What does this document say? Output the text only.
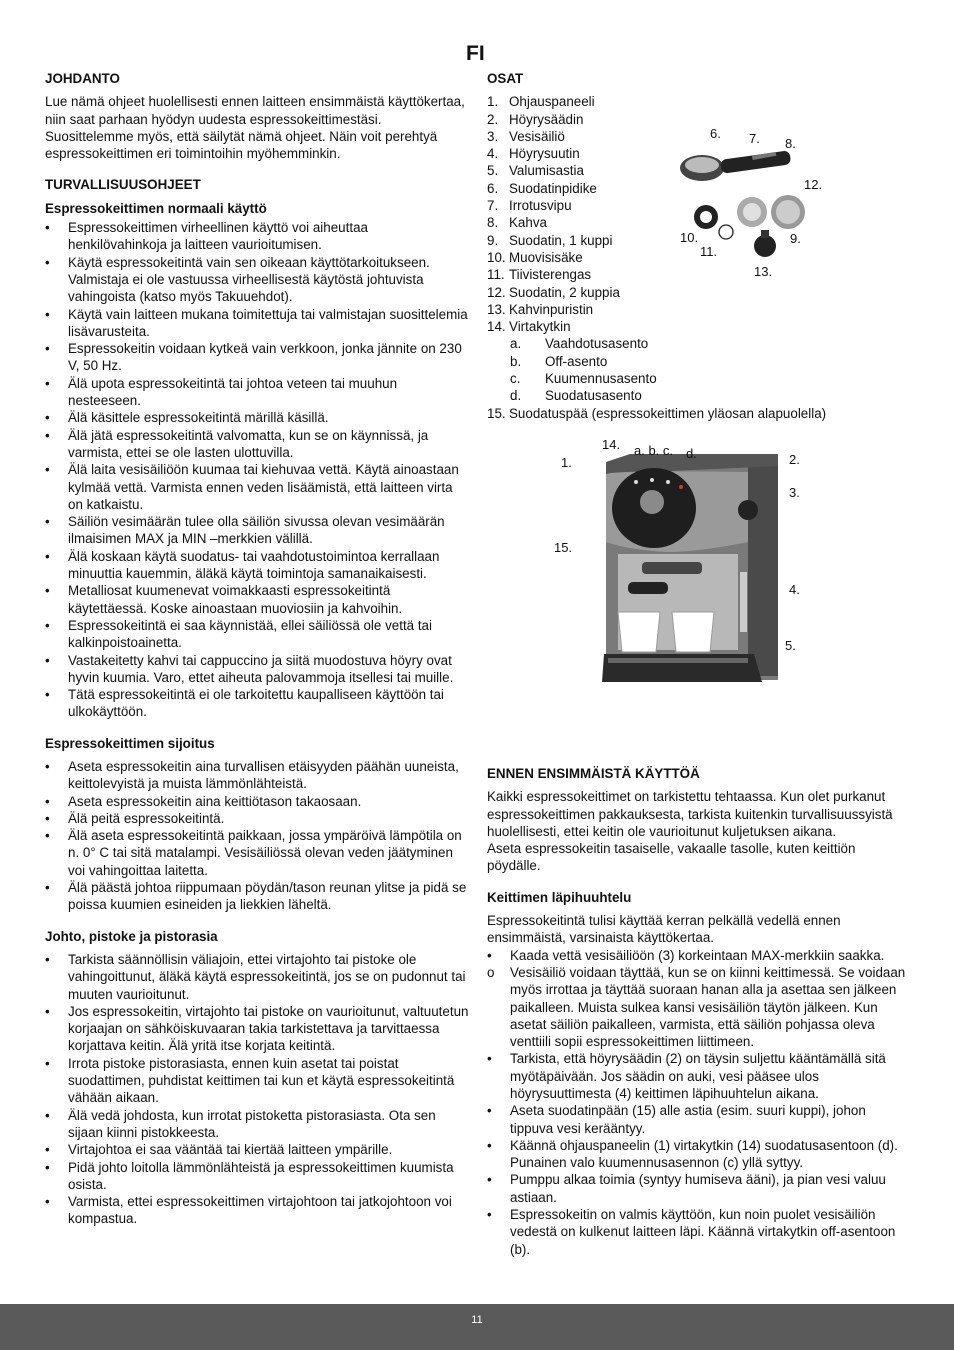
FI
JOHDANTO

Lue nämä ohjeet huolellisesti ennen laitteen ensimmäistä käyttökertaa, niin saat parhaan hyödyn uudesta espressokeittimestäsi. Suosittelemme myös, että säilytät nämä ohjeet. Näin voit perehtyä espressokeittimen eri toimintoihin myöhemminkin.

TURVALLISUUSOHJEET
Espressokeittimen normaali käyttö
• Espressokeittimen virheellinen käyttö voi aiheuttaa henkilövahinkoja ja laitteen vaurioitumisen.
• Käytä espressokeitintä vain sen oikeaan käyttötarkoitukseen. Valmistaja ei ole vastuussa virheellisestä käytöstä johtuvista vahingoista (katso myös Takuuehdot).
• Käytä vain laitteen mukana toimitettuja tai valmistajan suosittelemia lisävarusteita.
• Espressokeitin voidaan kytkeä vain verkkoon, jonka jännite on 230 V, 50 Hz.
• Älä upota espressokeitintä tai johtoa veteen tai muuhun nesteeseen.
• Älä käsittele espressokeitintä märillä käsillä.
• Älä jätä espressokeitintä valvomatta, kun se on käynnissä, ja varmista, ettei se ole lasten ulottuvilla.
• Älä laita vesisäiliöön kuumaa tai kiehuvaa vettä. Käytä ainoastaan kylmää vettä. Varmista ennen veden lisäämistä, että laitteen virta on katkaistu.
• Säiliön vesimäärän tulee olla säiliön sivussa olevan vesimäärän ilmaisimen MAX ja MIN –merkkien välillä.
• Älä koskaan käytä suodatus- tai vaahdotustoimintoa kerrallaan minuuttia kauemmin, äläkä käytä toimintoja samanaikaisesti.
• Metalliosat kuumenevat voimakkaasti espressokeitintä käytettäessä. Koske ainoastaan muoviosiin ja kahvoihin.
• Espressokeitintä ei saa käynnistää, ellei säiliössä ole vettä tai kalkinpoistoainetta.
• Vastakeitetty kahvi tai cappuccino ja siitä muodostuva höyry ovat hyvin kuumia. Varo, ettet aiheuta palovammoja itsellesi tai muille.
• Tätä espressokeitintä ei ole tarkoitettu kaupalliseen käyttöön tai ulkokäyttöön.
Espressokeittimen sijoitus
• Aseta espressokeitin aina turvallisen etäisyyden päähän uuneista, keittolevyistä ja muista lämmönlähteistä.
• Aseta espressokeitin aina keittiötason takaosaan.
• Älä peitä espressokeitintä.
• Älä aseta espressokeitintä paikkaan, jossa ympäröivä lämpötila on n. 0° C tai sitä matalampi. Vesisäiliössä olevan veden jäätyminen voi vahingoittaa laitetta.
• Älä päästä johtoa riippumaan pöydän/tason reunan ylitse ja pidä se poissa kuumien esineiden ja liekkien läheltä.
Johto, pistoke ja pistorasia
• Tarkista säännöllisin väliajoin, ettei virtajohto tai pistoke ole vahingoittunut, äläkä käytä espressokeitintä, jos se on pudonnut tai muuten vaurioitunut.
• Jos espressokeitin, virtajohto tai pistoke on vaurioitunut, valtuutetun korjaajan on sähköiskuvaaran takia tarkistettava ja tarvittaessa korjattava keitin. Älä yritä itse korjata keitintä.
• Irrota pistoke pistorasiasta, ennen kuin asetat tai poistat suodattimen, puhdistat keittimen tai kun et käytä espressokeitintä vähään aikaan.
• Älä vedä johdosta, kun irrotat pistoketta pistorasiasta. Ota sen sijaan kiinni pistokkeesta.
• Virtajohtoa ei saa vääntää tai kiertää laitteen ympärille.
• Pidä johto loitolla lämmönlähteistä ja espressokeittimen kuumista osista.
• Varmista, ettei espressokeittimen virtajohtoon tai jatkojohtoon voi kompastua.
OSAT
1. Ohjauspaneeli
2. Höyrysäädin
3. Vesisäiliö
4. Höyrysuutin
5. Valumisastia
6. Suodatinpidike
7. Irrotusvipu
8. Kahva
9. Suodatin, 1 kuppi
10. Muovisisäke
11. Tiivisterengas
12. Suodatin, 2 kuppia
13. Kahvinpuristin
14. Virtakytkin
a.	Vaahdotusasento
b.	Off-asento
c.	Kuumennusasento
d.	Suodatusasento
15. Suodatuspää (espressokeittimen yläosan alapuolella)
ENNEN ENSIMMÄISTÄ KÄYTTÖÄ

Kaikki espressokeittimet on tarkistettu tehtaassa. Kun olet purkanut espressokeittimen pakkauksesta, tarkista kuitenkin turvallisuussyistä huolellisesti, ettei keitin ole vaurioitunut kuljetuksen aikana.

Aseta espressokeitin tasaiselle, vakaalle tasolle, kuten keittiön pöydälle.

Keittimen läpihuuhtelu

Espressokeitintä tulisi käyttää kerran pelkällä vedellä ennen ensimmäistä, varsinaista käyttökertaa.

• Kaada vettä vesisäiliöön (3) korkeintaan MAX-merkkiin saakka.
o Vesisäiliö voidaan täyttää, kun se on kiinni keittimessä. Se voidaan myös irrottaa ja täyttää suoraan hanan alla ja asettaa sen jälkeen paikalleen. Muista sulkea kansi vesisäiliön täytön jälkeen. Kun asetat säiliön paikalleen, varmista, että säiliön pohjassa oleva venttiili sopii espressokeittimen liittimeen.
• Tarkista, että höyrysäädin (2) on täysin suljettu kääntämällä sitä myötäpäivään. Jos säädin on auki, vesi pääsee ulos höyrysuuttimesta (4) keittimen läpihuuhtelun aikana.
• Aseta suodatinpään (15) alle astia (esim. suuri kuppi), johon tippuva vesi kerääntyy.
• Käännä ohjauspaneelin (1) virtakytkin (14) suodatusasentoon (d). Punainen valo kuumennusasennon (c) yllä syttyy.
• Pumppu alkaa toimia (syntyy humiseva ääni), ja pian vesi valuu astiaan.
• Espressokeitin on valmis käyttöön, kun noin puolet vesisäiliön vedestä on kulkenut laitteen läpi. Käännä virtakytkin off-asentoon (b).
6. 7. 8.
12.
10.
11.
9.
13.
14. a. b. c. d.
1.	2.
3.
15.
4.
5.
11
